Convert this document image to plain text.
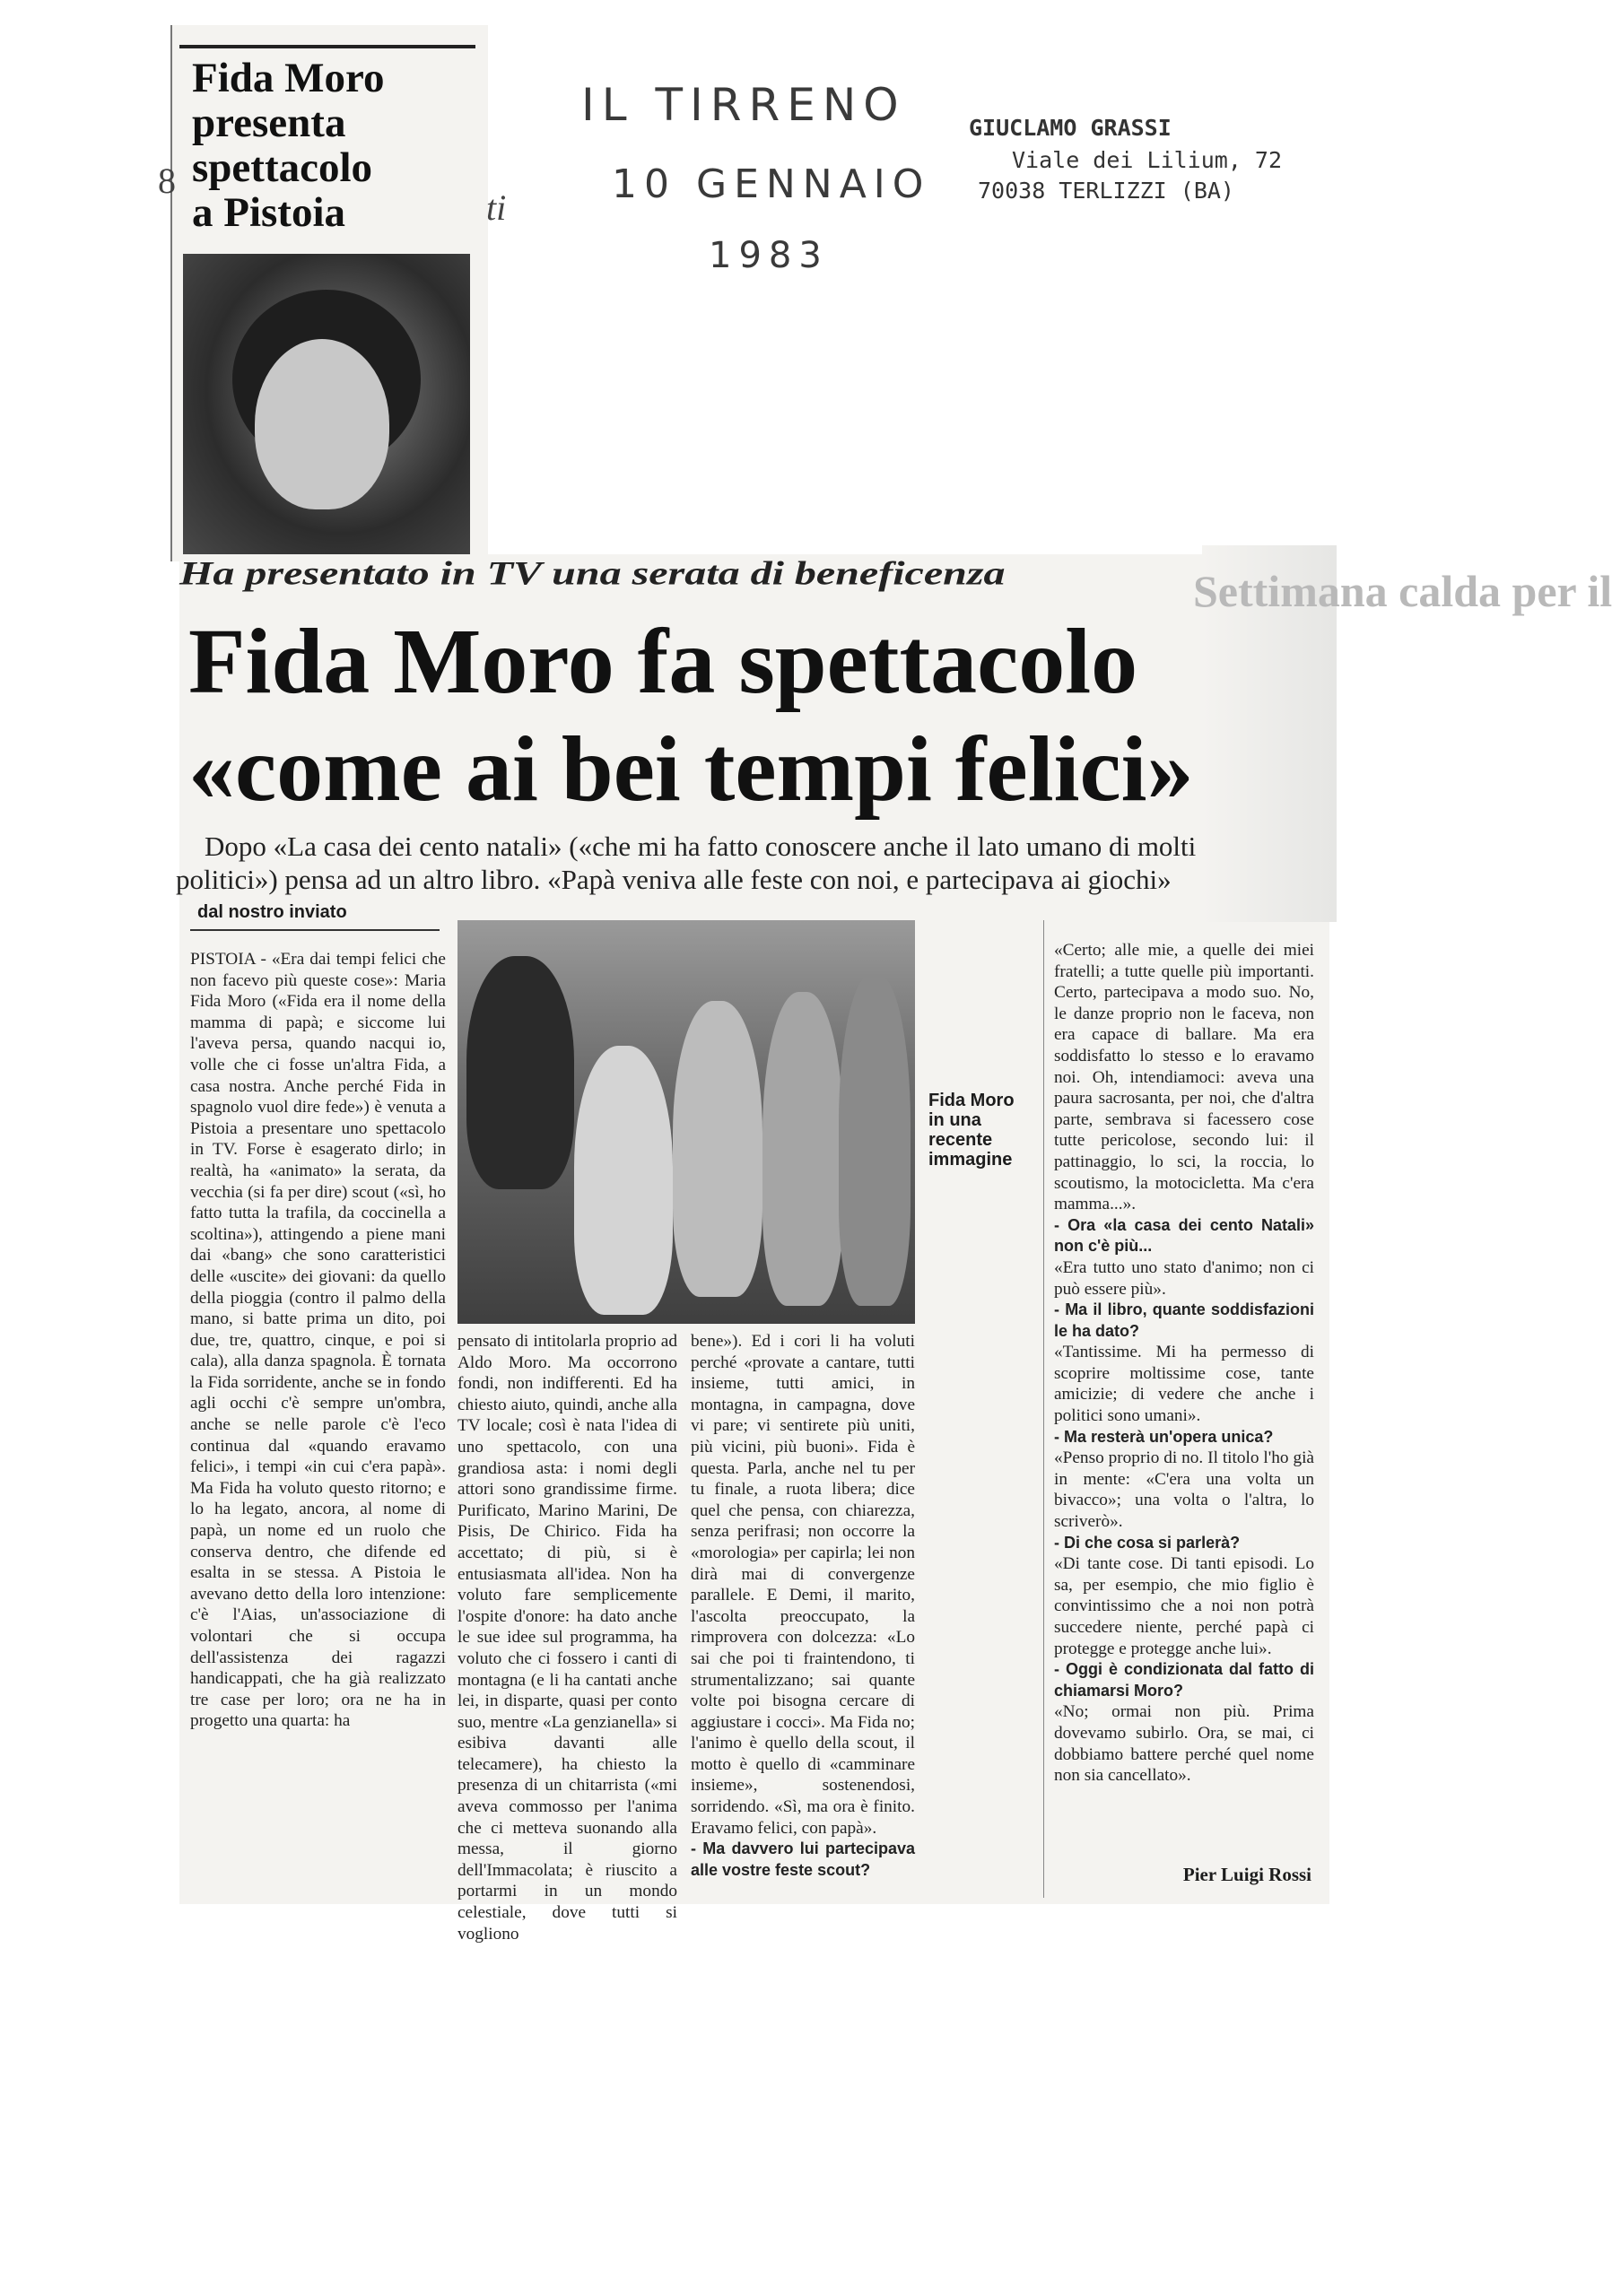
IL TIRRENO
10 GENNAIO
1983
GIUCLAMO GRASSI
Viale dei Lilium, 72
70038 TERLIZZI (BA)
Fida Moro
presenta
spettacolo
a Pistoia
8
ti
Settimana calda per il
Ha presentato in TV una serata di beneficenza
Fida Moro fa spettacolo
«come ai bei tempi felici»
Dopo «La casa dei cento natali» («che mi ha fatto conoscere anche il lato umano di molti
politici») pensa ad un altro libro. «Papà veniva alle feste con noi, e partecipava ai giochi»
dal nostro inviato

PISTOIA - «Era dai tempi felici che non facevo più queste cose»: Maria Fida Moro («Fida era il nome della mamma di papà; e siccome lui l'aveva persa, quando nacqui io, volle che ci fosse un'altra Fida, a casa nostra. Anche perché Fida in spagnolo vuol dire fede») è venuta a Pistoia a presentare uno spettacolo in TV. Forse è esagerato dirlo; in realtà, ha «animato» la serata, da vecchia (si fa per dire) scout («sì, ho fatto tutta la trafila, da coccinella a scoltina»), attingendo a piene mani dai «bang» che sono caratteristici delle «uscite» dei giovani: da quello della pioggia (contro il palmo della mano, si batte prima un dito, poi due, tre, quattro, cinque, e poi si cala), alla danza spagnola. È tornata la Fida sorridente, anche se in fondo agli occhi c'è sempre un'ombra, anche se nelle parole c'è l'eco continua dal «quando eravamo felici», i tempi «in cui c'era papà». Ma Fida ha voluto questo ritorno; e lo ha legato, ancora, al nome di papà, un nome ed un ruolo che conserva dentro, che difende ed esalta in se stessa. A Pistoia le avevano detto della loro intenzione: c'è l'Aias, un'associazione di volontari che si occupa dell'assistenza dei ragazzi handicappati, che ha già realizzato tre case per loro; ora ne ha in progetto una quarta: ha

Fida Moro
in una
recente
immagine

pensato di intitolarla proprio ad Aldo Moro. Ma occorrono fondi, non indifferenti. Ed ha chiesto aiuto, quindi, anche alla TV locale; così è nata l'idea di uno spettacolo, con una grandiosa asta: i nomi degli attori sono grandissime firme. Purificato, Marino Marini, De Pisis, De Chirico. Fida ha accettato; di più, si è entusiasmata all'idea. Non ha voluto fare semplicemente l'ospite d'onore: ha dato anche le sue idee sul programma, ha voluto che ci fossero i canti di montagna (e li ha cantati anche lei, in disparte, quasi per conto suo, mentre «La genzianella» si esibiva davanti alle telecamere), ha chiesto la presenza di un chitarrista («mi aveva commosso per l'anima che ci metteva suonando alla messa, il giorno dell'Immacolata; è riuscito a portarmi in un mondo celestiale, dove tutti si vogliono

bene»). Ed i cori li ha voluti perché «provate a cantare, tutti insieme, tutti amici, in montagna, in campagna, dove vi pare; vi sentirete più uniti, più vicini, più buoni». Fida è questa. Parla, anche nel tu per tu finale, a ruota libera; dice quel che pensa, con chiarezza, senza perifrasi; non occorre la «morologia» per capirla; lei non dirà mai di convergenze parallele. E Demi, il marito, l'ascolta preoccupato, la rimprovera con dolcezza: «Lo sai che poi ti fraintendono, ti strumentalizzano; sai quante volte poi bisogna cercare di aggiustare i cocci». Ma Fida no; l'animo è quello della scout, il motto è quello di «camminare insieme», sostenendosi, sorridendo. «Sì, ma ora è finito. Eravamo felici, con papà».

- Ma davvero lui partecipava alle vostre feste scout?

«Certo; alle mie, a quelle dei miei fratelli; a tutte quelle più importanti. Certo, partecipava a modo suo. No, le danze proprio non le faceva, non era capace di ballare. Ma era soddisfatto lo stesso e lo eravamo noi. Oh, intendiamoci: aveva una paura sacrosanta, per noi, che d'altra parte, sembrava si facessero cose tutte pericolose, secondo lui: il pattinaggio, lo sci, la roccia, lo scoutismo, la motocicletta. Ma c'era mamma...».

- Ora «la casa dei cento Natali» non c'è più...

«Era tutto uno stato d'animo; non ci può essere più».

- Ma il libro, quante soddisfazioni le ha dato?

«Tantissime. Mi ha permesso di scoprire moltissime cose, tante amicizie; di vedere che anche i politici sono umani».

- Ma resterà un'opera unica?

«Penso proprio di no. Il titolo l'ho già in mente: «C'era una volta un bivacco»; una volta o l'altra, lo scriverò».

- Di che cosa si parlerà?

«Di tante cose. Di tanti episodi. Lo sa, per esempio, che mio figlio è convintissimo che a noi non potrà succedere niente, perché papà ci protegge e protegge anche lui».

- Oggi è condizionata dal fatto di chiamarsi Moro?

«No; ormai non più. Prima dovevamo subirlo. Ora, se mai, ci dobbiamo battere perché quel nome non sia cancellato».

Pier Luigi Rossi
